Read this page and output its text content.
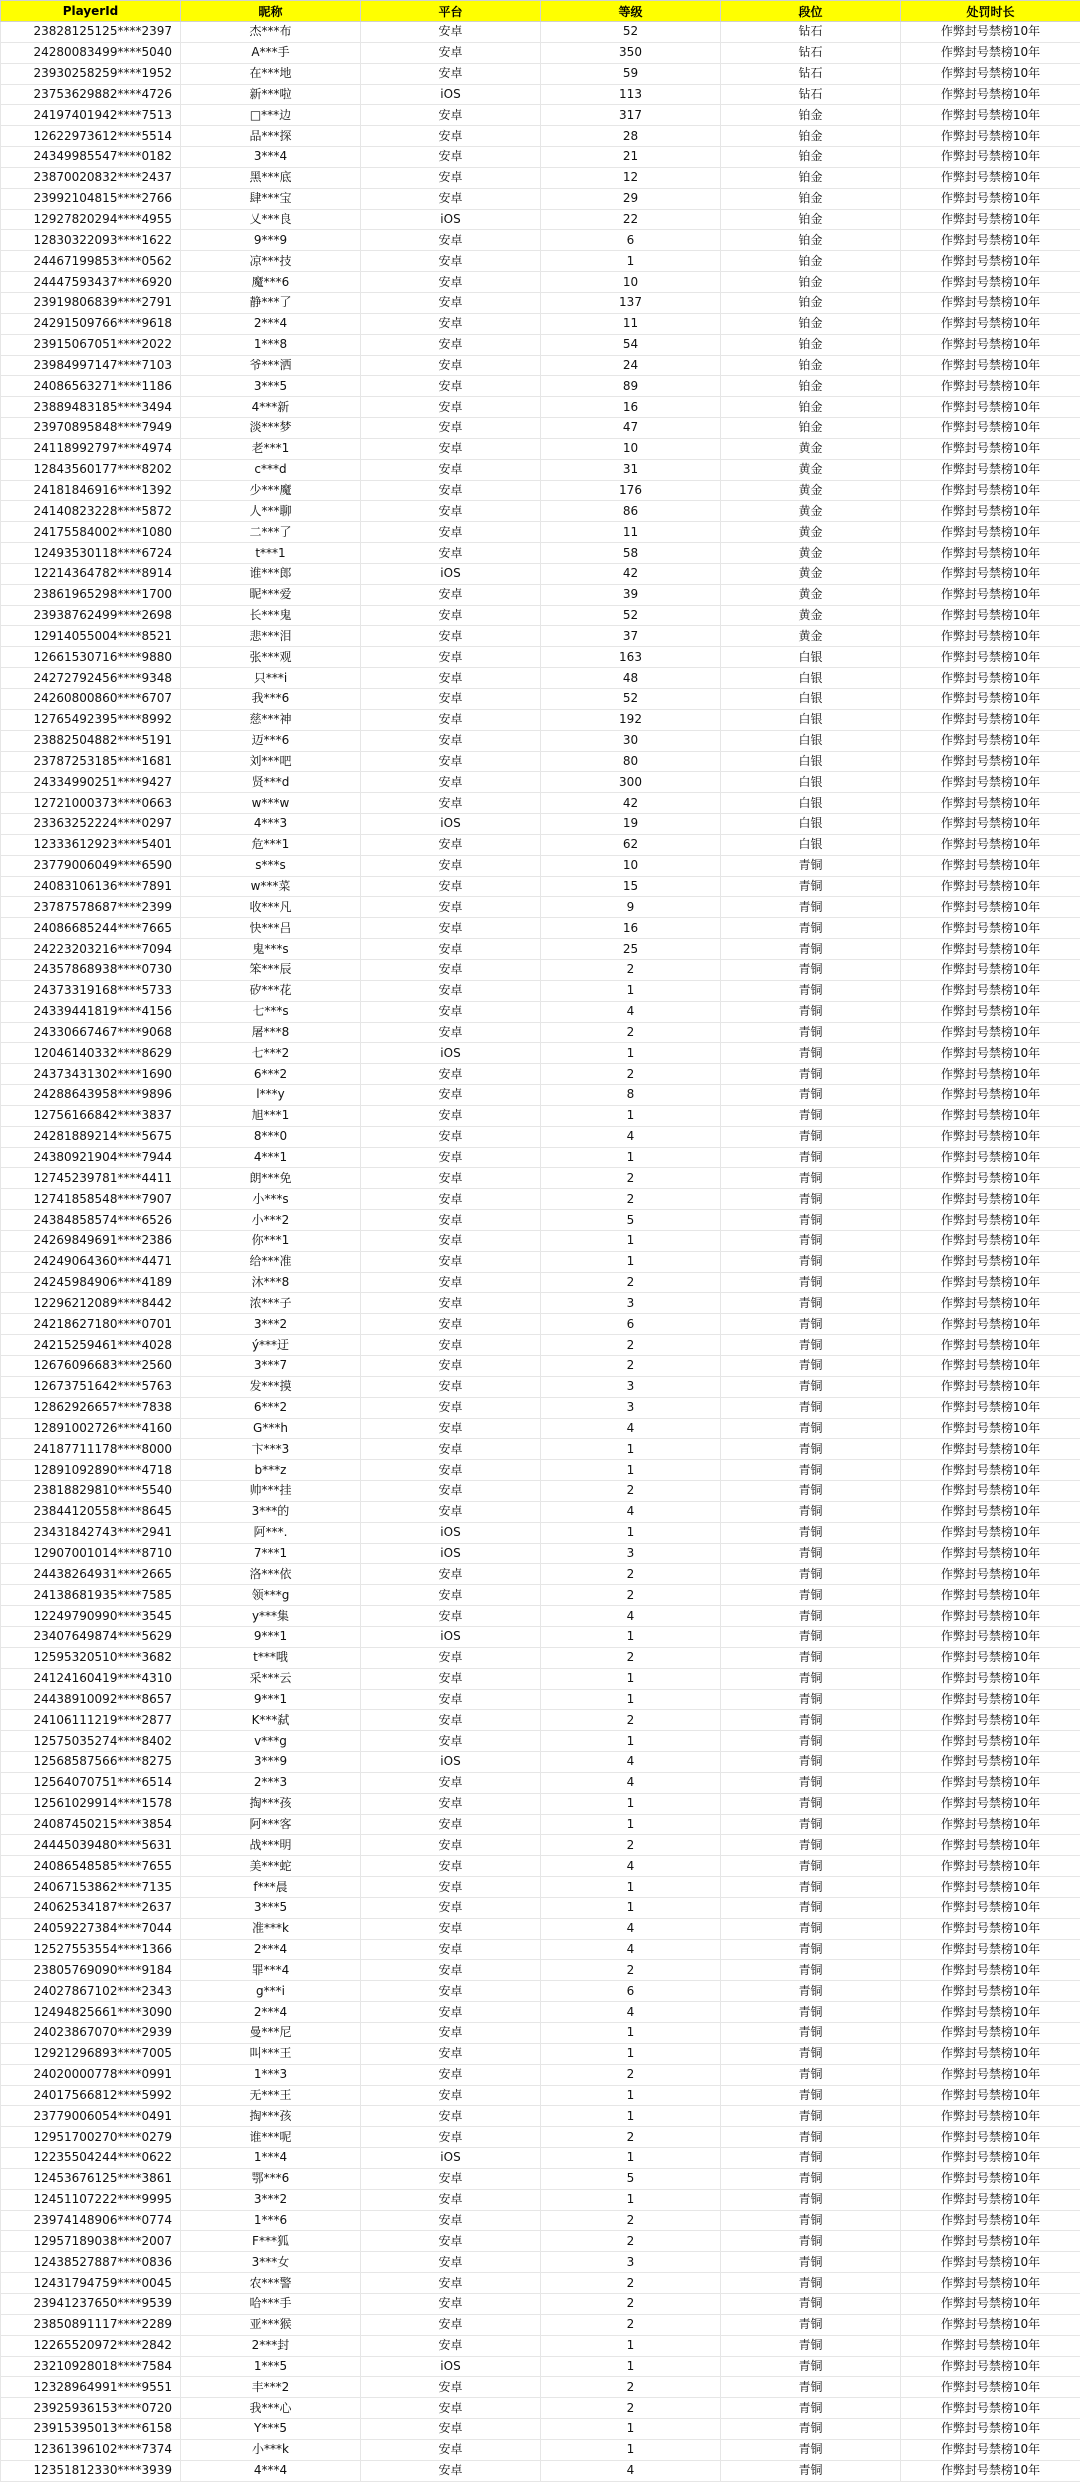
PlayerId	昵称	平台	等级	段位	处罚时长
23828125125****2397	杰***布	安卓	52	钻石	作弊封号禁榜10年
24280083499****5040	A***手	安卓	350	钻石	作弊封号禁榜10年
23930258259****1952	在***地	安卓	59	钻石	作弊封号禁榜10年
23753629882****4726	新***啦	iOS	113	钻石	作弊封号禁榜10年
24197401942****7513	□***边	安卓	317	铂金	作弊封号禁榜10年
12622973612****5514	品***探	安卓	28	铂金	作弊封号禁榜10年
24349985547****0182	3***4	安卓	21	铂金	作弊封号禁榜10年
23870020832****2437	黑***底	安卓	12	铂金	作弊封号禁榜10年
23992104815****2766	肆***宝	安卓	29	铂金	作弊封号禁榜10年
12927820294****4955	乂***良	iOS	22	铂金	作弊封号禁榜10年
12830322093****1622	9***9	安卓	6	铂金	作弊封号禁榜10年
24467199853****0562	凉***技	安卓	1	铂金	作弊封号禁榜10年
24447593437****6920	魔***6	安卓	10	铂金	作弊封号禁榜10年
23919806839****2791	静***了	安卓	137	铂金	作弊封号禁榜10年
24291509766****9618	2***4	安卓	11	铂金	作弊封号禁榜10年
23915067051****2022	1***8	安卓	54	铂金	作弊封号禁榜10年
23984997147****7103	爷***洒	安卓	24	铂金	作弊封号禁榜10年
24086563271****1186	3***5	安卓	89	铂金	作弊封号禁榜10年
23889483185****3494	4***新	安卓	16	铂金	作弊封号禁榜10年
23970895848****7949	淡***梦	安卓	47	铂金	作弊封号禁榜10年
24118992797****4974	老***1	安卓	10	黄金	作弊封号禁榜10年
12843560177****8202	c***d	安卓	31	黄金	作弊封号禁榜10年
24181846916****1392	少***魔	安卓	176	黄金	作弊封号禁榜10年
24140823228****5872	人***聊	安卓	86	黄金	作弊封号禁榜10年
24175584002****1080	二***了	安卓	11	黄金	作弊封号禁榜10年
12493530118****6724	t***1	安卓	58	黄金	作弊封号禁榜10年
12214364782****8914	谁***郎	iOS	42	黄金	作弊封号禁榜10年
23861965298****1700	昵***爱	安卓	39	黄金	作弊封号禁榜10年
23938762499****2698	长***鬼	安卓	52	黄金	作弊封号禁榜10年
12914055004****8521	悲***泪	安卓	37	黄金	作弊封号禁榜10年
12661530716****9880	张***观	安卓	163	白银	作弊封号禁榜10年
24272792456****9348	只***i	安卓	48	白银	作弊封号禁榜10年
24260800860****6707	我***6	安卓	52	白银	作弊封号禁榜10年
12765492395****8992	慈***神	安卓	192	白银	作弊封号禁榜10年
23882504882****5191	迈***6	安卓	30	白银	作弊封号禁榜10年
23787253185****1681	刘***吧	安卓	80	白银	作弊封号禁榜10年
24334990251****9427	贤***d	安卓	300	白银	作弊封号禁榜10年
12721000373****0663	w***w	安卓	42	白银	作弊封号禁榜10年
23363252224****0297	4***3	iOS	19	白银	作弊封号禁榜10年
12333612923****5401	危***1	安卓	62	白银	作弊封号禁榜10年
23779006049****6590	s***s	安卓	10	青铜	作弊封号禁榜10年
24083106136****7891	w***菜	安卓	15	青铜	作弊封号禁榜10年
23787578687****2399	收***凡	安卓	9	青铜	作弊封号禁榜10年
24086685244****7665	快***吕	安卓	16	青铜	作弊封号禁榜10年
24223203216****7094	鬼***s	安卓	25	青铜	作弊封号禁榜10年
24357868938****0730	笨***辰	安卓	2	青铜	作弊封号禁榜10年
24373319168****5733	矽***花	安卓	1	青铜	作弊封号禁榜10年
24339441819****4156	七***s	安卓	4	青铜	作弊封号禁榜10年
24330667467****9068	屠***8	安卓	2	青铜	作弊封号禁榜10年
12046140332****8629	七***2	iOS	1	青铜	作弊封号禁榜10年
24373431302****1690	6***2	安卓	2	青铜	作弊封号禁榜10年
24288643958****9896	l***y	安卓	8	青铜	作弊封号禁榜10年
12756166842****3837	旭***1	安卓	1	青铜	作弊封号禁榜10年
24281889214****5675	8***0	安卓	4	青铜	作弊封号禁榜10年
24380921904****7944	4***1	安卓	1	青铜	作弊封号禁榜10年
12745239781****4411	朗***免	安卓	2	青铜	作弊封号禁榜10年
12741858548****7907	小***s	安卓	2	青铜	作弊封号禁榜10年
24384858574****6526	小***2	安卓	5	青铜	作弊封号禁榜10年
24269849691****2386	你***1	安卓	1	青铜	作弊封号禁榜10年
24249064360****4471	给***准	安卓	1	青铜	作弊封号禁榜10年
24245984906****4189	沐***8	安卓	2	青铜	作弊封号禁榜10年
12296212089****8442	浓***子	安卓	3	青铜	作弊封号禁榜10年
24218627180****0701	3***2	安卓	6	青铜	作弊封号禁榜10年
24215259461****4028	ý***迂	安卓	2	青铜	作弊封号禁榜10年
12676096683****2560	3***7	安卓	2	青铜	作弊封号禁榜10年
12673751642****5763	发***摸	安卓	3	青铜	作弊封号禁榜10年
12862926657****7838	6***2	安卓	3	青铜	作弊封号禁榜10年
12891002726****4160	G***h	安卓	4	青铜	作弊封号禁榜10年
24187711178****8000	卞***3	安卓	1	青铜	作弊封号禁榜10年
12891092890****4718	b***z	安卓	1	青铜	作弊封号禁榜10年
23818829810****5540	帅***挂	安卓	2	青铜	作弊封号禁榜10年
23844120558****8645	3***的	安卓	4	青铜	作弊封号禁榜10年
23431842743****2941	阿***.	iOS	1	青铜	作弊封号禁榜10年
12907001014****8710	7***1	iOS	3	青铜	作弊封号禁榜10年
24438264931****2665	洛***依	安卓	2	青铜	作弊封号禁榜10年
24138681935****7585	领***g	安卓	2	青铜	作弊封号禁榜10年
12249790990****3545	y***集	安卓	4	青铜	作弊封号禁榜10年
23407649874****5629	9***1	iOS	1	青铜	作弊封号禁榜10年
12595320510****3682	t***哦	安卓	2	青铜	作弊封号禁榜10年
24124160419****4310	采***云	安卓	1	青铜	作弊封号禁榜10年
24438910092****8657	9***1	安卓	1	青铜	作弊封号禁榜10年
24106111219****2877	K***弑	安卓	2	青铜	作弊封号禁榜10年
12575035274****8402	v***g	安卓	1	青铜	作弊封号禁榜10年
12568587566****8275	3***9	iOS	4	青铜	作弊封号禁榜10年
12564070751****6514	2***3	安卓	4	青铜	作弊封号禁榜10年
12561029914****1578	掏***孩	安卓	1	青铜	作弊封号禁榜10年
24087450215****3854	阿***客	安卓	1	青铜	作弊封号禁榜10年
24445039480****5631	战***明	安卓	2	青铜	作弊封号禁榜10年
24086548585****7655	美***蛇	安卓	4	青铜	作弊封号禁榜10年
24067153862****7135	f***晨	安卓	1	青铜	作弊封号禁榜10年
24062534187****2637	3***5	安卓	1	青铜	作弊封号禁榜10年
24059227384****7044	准***k	安卓	4	青铜	作弊封号禁榜10年
12527553554****1366	2***4	安卓	4	青铜	作弊封号禁榜10年
23805769090****9184	罪***4	安卓	2	青铜	作弊封号禁榜10年
24027867102****2343	g***i	安卓	6	青铜	作弊封号禁榜10年
12494825661****3090	2***4	安卓	4	青铜	作弊封号禁榜10年
24023867070****2939	曼***尼	安卓	1	青铜	作弊封号禁榜10年
12921296893****7005	叫***王	安卓	1	青铜	作弊封号禁榜10年
24020000778****0991	1***3	安卓	2	青铜	作弊封号禁榜10年
24017566812****5992	无***王	安卓	1	青铜	作弊封号禁榜10年
23779006054****0491	掏***孩	安卓	1	青铜	作弊封号禁榜10年
12951700270****0279	谁***呢	安卓	2	青铜	作弊封号禁榜10年
12235504244****0622	1***4	iOS	1	青铜	作弊封号禁榜10年
12453676125****3861	鄂***6	安卓	5	青铜	作弊封号禁榜10年
12451107222****9995	3***2	安卓	1	青铜	作弊封号禁榜10年
23974148906****0774	1***6	安卓	2	青铜	作弊封号禁榜10年
12957189038****2007	F***狐	安卓	2	青铜	作弊封号禁榜10年
12438527887****0836	3***女	安卓	3	青铜	作弊封号禁榜10年
12431794759****0045	农***警	安卓	2	青铜	作弊封号禁榜10年
23941237650****9539	哈***手	安卓	2	青铜	作弊封号禁榜10年
23850891117****2289	亚***猴	安卓	2	青铜	作弊封号禁榜10年
12265520972****2842	2***封	安卓	1	青铜	作弊封号禁榜10年
23210928018****7584	1***5	iOS	1	青铜	作弊封号禁榜10年
12328964991****9551	丰***2	安卓	2	青铜	作弊封号禁榜10年
23925936153****0720	我***心	安卓	2	青铜	作弊封号禁榜10年
23915395013****6158	Y***5	安卓	1	青铜	作弊封号禁榜10年
12361396102****7374	小***k	安卓	1	青铜	作弊封号禁榜10年
12351812330****3939	4***4	安卓	4	青铜	作弊封号禁榜10年
